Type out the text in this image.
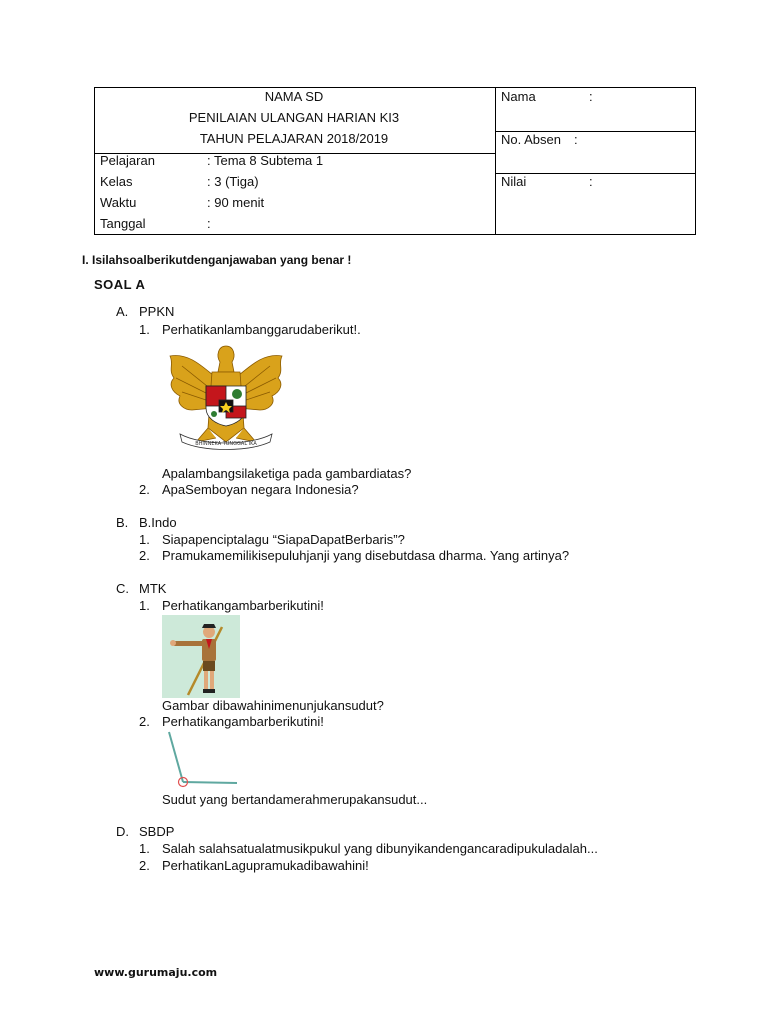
NAMA SD
PENILAIAN ULANGAN HARIAN KI3
TAHUN PELAJARAN 2018/2019
Pelajaran	: Tema 8 Subtema 1
Kelas	: 3 (Tiga)
Waktu	: 90 menit
Tanggal	:
Nama	:
No. Absen :
Nilai	:
I. Isilahsoalberikutdenganjawaban yang benar !
SOAL A
A. PPKN
1. Perhatikanlambanggarudaberikut!.
BHINNEKA TUNGGAL IKA
Apalambangsilaketiga pada gambardiatas?
2. ApaSemboyan negara Indonesia?
B. B.Indo
1. Siapapenciptalagu “SiapaDapatBerbaris”?
2. Pramukamemilikisepuluhjanji yang disebutdasa dharma. Yang artinya?
C. MTK
1. Perhatikangambarberikutini!
Gambar dibawahinimenunjukansudut?
2. Perhatikangambarberikutini!
Sudut yang bertandamerahmerupakansudut...
D. SBDP
1. Salah salahsatualatmusikpukul yang dibunyikandengancaradipukuladalah...
2. PerhatikanLagupramukadibawahini!
www.gurumaju.com
